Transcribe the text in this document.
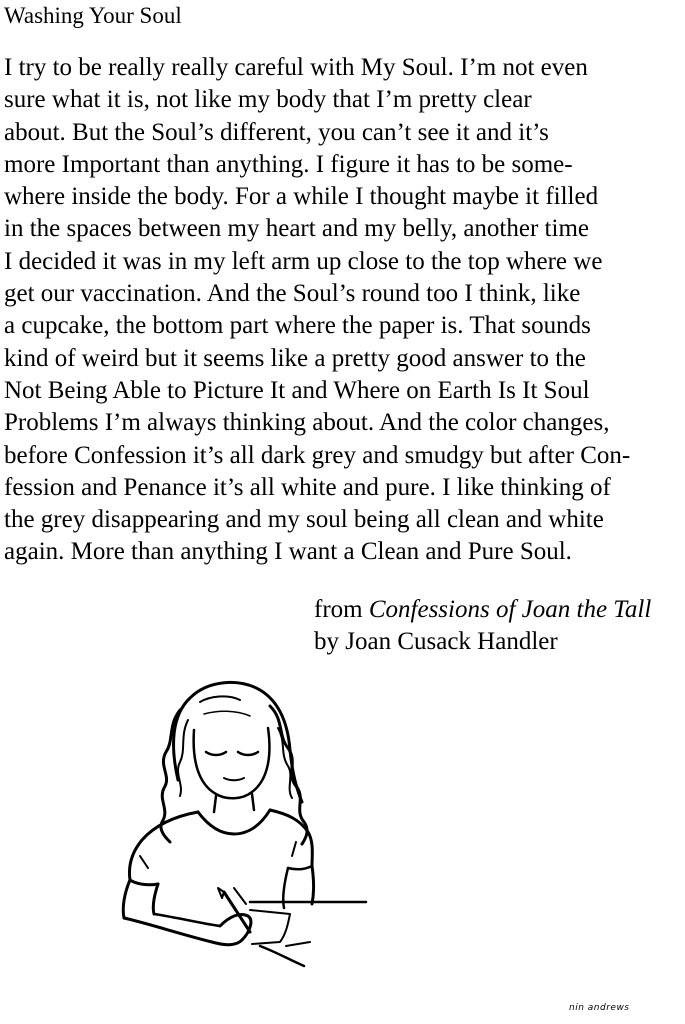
Washing Your Soul
I try to be really really careful with My Soul. I’m not even
sure what it is, not like my body that I’m pretty clear
about. But the Soul’s different, you can’t see it and it’s
more Important than anything. I figure it has to be some-
where inside the body. For a while I thought maybe it filled
in the spaces between my heart and my belly, another time
I decided it was in my left arm up close to the top where we
get our vaccination. And the Soul’s round too I think, like
a cupcake, the bottom part where the paper is. That sounds
kind of weird but it seems like a pretty good answer to the
Not Being Able to Picture It and Where on Earth Is It Soul
Problems I’m always thinking about. And the color changes,
before Confession it’s all dark grey and smudgy but after Con-
fession and Penance it’s all white and pure. I like thinking of
the grey disappearing and my soul being all clean and white
again. More than anything I want a Clean and Pure Soul.
from Confessions of Joan the Tall
by Joan Cusack Handler
nin andrews
